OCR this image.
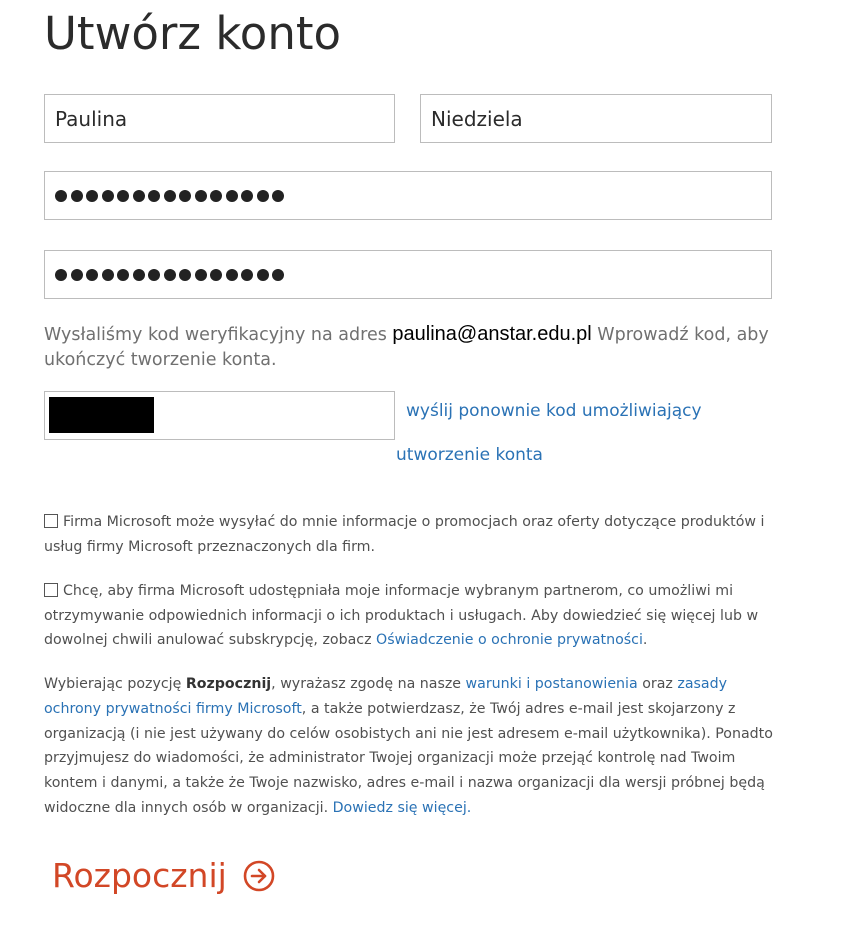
Utwórz konto
Paulina	Niedziela
Wysłaliśmy kod weryfikacyjny na adres paulina@anstar.edu.pl Wprowadź kod, aby ukończyć tworzenie konta.
wyślij ponownie kod umożliwiający
utworzenie konta
Firma Microsoft może wysyłać do mnie informacje o promocjach oraz oferty dotyczące produktów i usług firmy Microsoft przeznaczonych dla firm.
Chcę, aby firma Microsoft udostępniała moje informacje wybranym partnerom, co umożliwi mi otrzymywanie odpowiednich informacji o ich produktach i usługach. Aby dowiedzieć się więcej lub w dowolnej chwili anulować subskrypcję, zobacz Oświadczenie o ochronie prywatności.
Wybierając pozycję Rozpocznij, wyrażasz zgodę na nasze warunki i postanowienia oraz zasady ochrony prywatności firmy Microsoft, a także potwierdzasz, że Twój adres e-mail jest skojarzony z organizacją (i nie jest używany do celów osobistych ani nie jest adresem e-mail użytkownika). Ponadto przyjmujesz do wiadomości, że administrator Twojej organizacji może przejąć kontrolę nad Twoim kontem i danymi, a także że Twoje nazwisko, adres e-mail i nazwa organizacji dla wersji próbnej będą widoczne dla innych osób w organizacji. Dowiedz się więcej.
Rozpocznij
